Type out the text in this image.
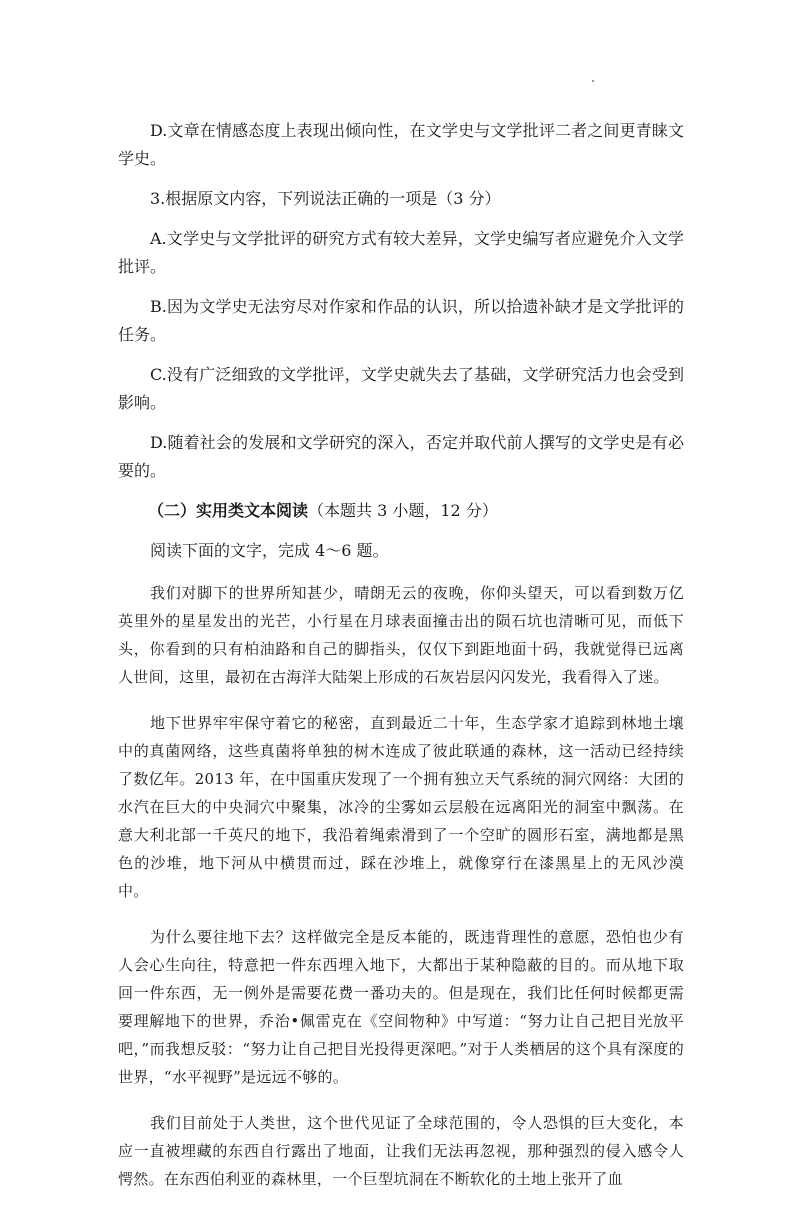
D.文章在情感态度上表现出倾向性，在文学史与文学批评二者之间更青睐文学史。

3.根据原文内容，下列说法正确的一项是（3 分）

A.文学史与文学批评的研究方式有较大差异，文学史编写者应避免介入文学批评。

B.因为文学史无法穷尽对作家和作品的认识，所以拾遗补缺才是文学批评的任务。

C.没有广泛细致的文学批评，文学史就失去了基础，文学研究活力也会受到影响。

D.随着社会的发展和文学研究的深入，否定并取代前人撰写的文学史是有必要的。

（二）实用类文本阅读（本题共 3 小题，12 分）

阅读下面的文字，完成 4～6 题。

我们对脚下的世界所知甚少，晴朗无云的夜晚，你仰头望天，可以看到数万亿英里外的星星发出的光芒，小行星在月球表面撞击出的陨石坑也清晰可见，而低下头，你看到的只有柏油路和自己的脚指头，仅仅下到距地面十码，我就觉得已远离人世间，这里，最初在古海洋大陆架上形成的石灰岩层闪闪发光，我看得入了迷。

地下世界牢牢保守着它的秘密，直到最近二十年，生态学家才追踪到林地土壤中的真菌网络，这些真菌将单独的树木连成了彼此联通的森林，这一活动已经持续了数亿年。2013 年，在中国重庆发现了一个拥有独立天气系统的洞穴网络：大团的水汽在巨大的中央洞穴中聚集，冰冷的尘雾如云层般在远离阳光的洞室中飘荡。在意大利北部一千英尺的地下，我沿着绳索滑到了一个空旷的圆形石室，满地都是黑色的沙堆，地下河从中横贯而过，踩在沙堆上，就像穿行在漆黑星上的无风沙漠中。

为什么要往地下去？这样做完全是反本能的，既违背理性的意愿，恐怕也少有人会心生向往，特意把一件东西埋入地下，大都出于某种隐蔽的目的。而从地下取回一件东西，无一例外是需要花费一番功夫的。但是现在，我们比任何时候都更需要理解地下的世界，乔治•佩雷克在《空间物种》中写道：“努力让自己把目光放平吧，”而我想反驳：“努力让自己把目光投得更深吧。”对于人类栖居的这个具有深度的世界，“水平视野”是远远不够的。

我们目前处于人类世，这个世代见证了全球范围的，令人恐惧的巨大变化，本应一直被埋藏的东西自行露出了地面，让我们无法再忽视，那种强烈的侵入感令人愕然。在东西伯利亚的森林里，一个巨型坑洞在不断软化的土地上张开了血
